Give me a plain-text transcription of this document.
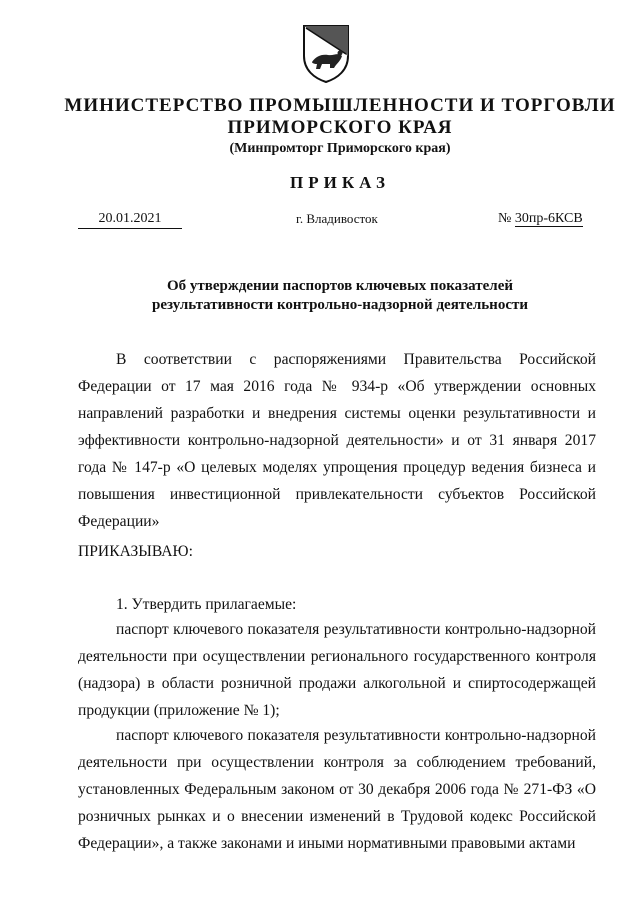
МИНИСТЕРСТВО ПРОМЫШЛЕННОСТИ И ТОРГОВЛИ
ПРИМОРСКОГО КРАЯ
(Минпромторг Приморского края)
ПРИКАЗ
20.01.2021	г. Владивосток	№ 30пр-6КСВ
Об утверждении паспортов ключевых показателей
результативности контрольно-надзорной деятельности
В соответствии с распоряжениями Правительства Российской Федерации от 17 мая 2016 года № 934-р «Об утверждении основных направлений разработки и внедрения системы оценки результативности и эффективности контрольно-надзорной деятельности» и от 31 января 2017 года № 147-р «О целевых моделях упрощения процедур ведения бизнеса и повышения инвестиционной привлекательности субъектов Российской Федерации»
ПРИКАЗЫВАЮ:
1. Утвердить прилагаемые:
паспорт ключевого показателя результативности контрольно-надзорной деятельности при осуществлении регионального государственного контроля (надзора) в области розничной продажи алкогольной и спиртосодержащей продукции (приложение № 1);
паспорт ключевого показателя результативности контрольно-надзорной деятельности при осуществлении контроля за соблюдением требований, установленных Федеральным законом от 30 декабря 2006 года № 271-ФЗ «О розничных рынках и о внесении изменений в Трудовой кодекс Российской Федерации», а также законами и иными нормативными правовыми актами
